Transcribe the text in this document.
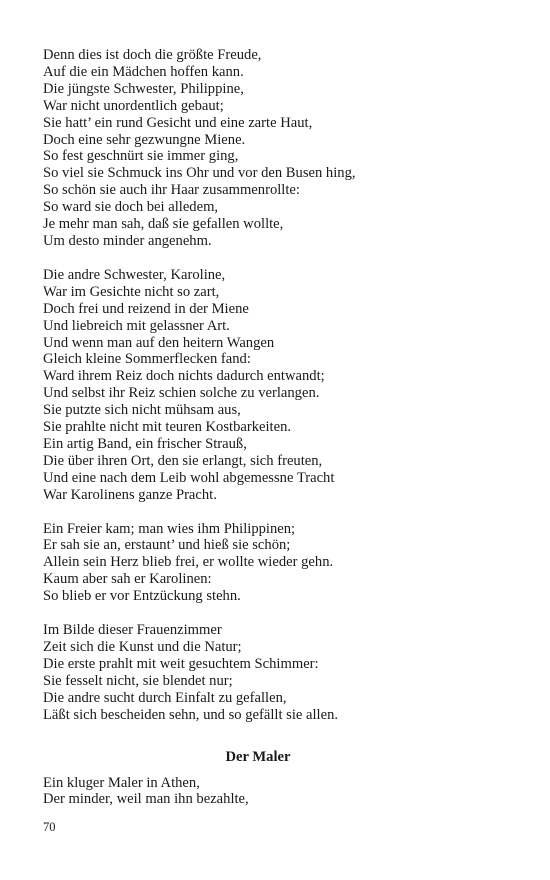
Denn dies ist doch die größte Freude,
Auf die ein Mädchen hoffen kann.
Die jüngste Schwester, Philippine,
War nicht unordentlich gebaut;
Sie hatt’ ein rund Gesicht und eine zarte Haut,
Doch eine sehr gezwungne Miene.
So fest geschnürt sie immer ging,
So viel sie Schmuck ins Ohr und vor den Busen hing,
So schön sie auch ihr Haar zusammenrollte:
So ward sie doch bei alledem,
Je mehr man sah, daß sie gefallen wollte,
Um desto minder angenehm.
Die andre Schwester, Karoline,
War im Gesichte nicht so zart,
Doch frei und reizend in der Miene
Und liebreich mit gelassner Art.
Und wenn man auf den heitern Wangen
Gleich kleine Sommerflecken fand:
Ward ihrem Reiz doch nichts dadurch entwandt;
Und selbst ihr Reiz schien solche zu verlangen.
Sie putzte sich nicht mühsam aus,
Sie prahlte nicht mit teuren Kostbarkeiten.
Ein artig Band, ein frischer Strauß,
Die über ihren Ort, den sie erlangt, sich freuten,
Und eine nach dem Leib wohl abgemessne Tracht
War Karolinens ganze Pracht.
Ein Freier kam; man wies ihm Philippinen;
Er sah sie an, erstaunt’ und hieß sie schön;
Allein sein Herz blieb frei, er wollte wieder gehn.
Kaum aber sah er Karolinen:
So blieb er vor Entzückung stehn.
Im Bilde dieser Frauenzimmer
Zeit sich die Kunst und die Natur;
Die erste prahlt mit weit gesuchtem Schimmer:
Sie fesselt nicht, sie blendet nur;
Die andre sucht durch Einfalt zu gefallen,
Läßt sich bescheiden sehn, und so gefällt sie allen.
Der Maler
Ein kluger Maler in Athen,
Der minder, weil man ihn bezahlte,
70
